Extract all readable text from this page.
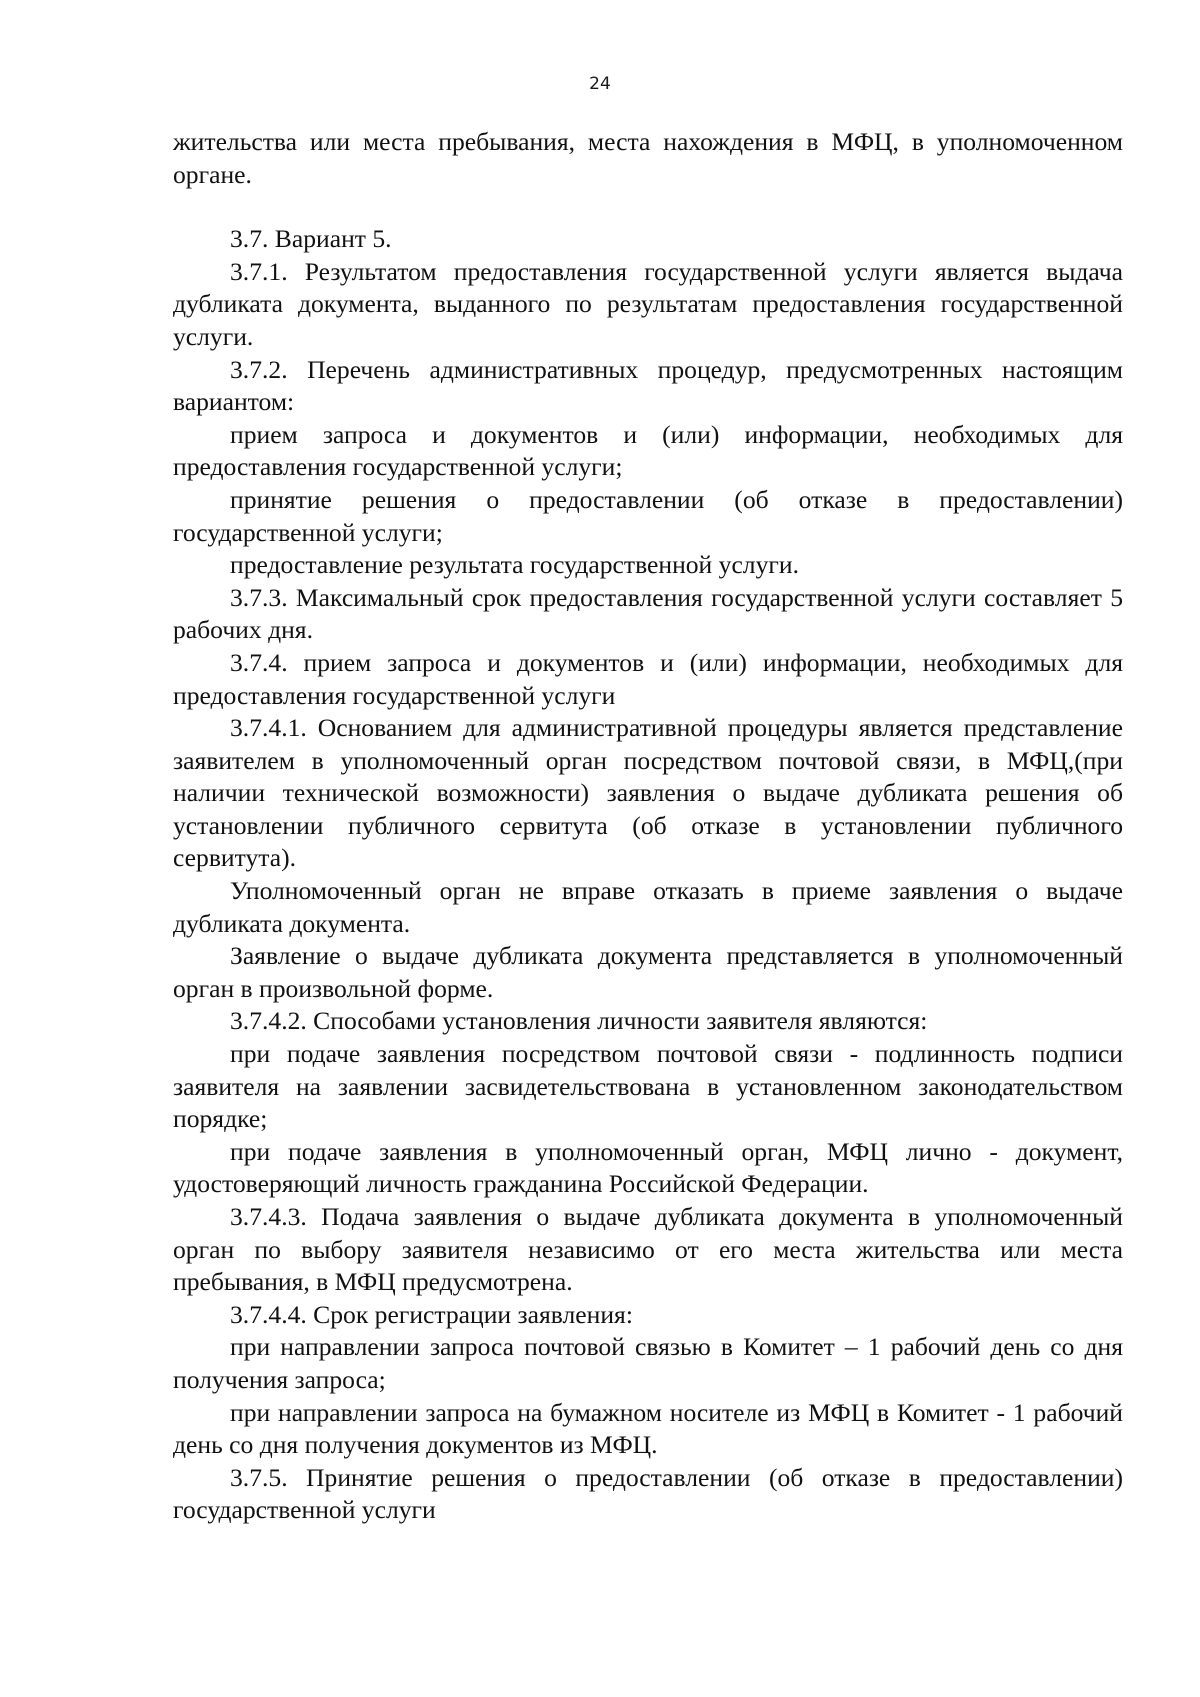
24

жительства или места пребывания, места нахождения в МФЦ, в уполномоченном органе.

3.7. Вариант 5.

3.7.1. Результатом предоставления государственной услуги является выдача дубликата документа, выданного по результатам предоставления государственной услуги.

3.7.2. Перечень административных процедур, предусмотренных настоящим вариантом:

прием запроса и документов и (или) информации, необходимых для предоставления государственной услуги;

принятие решения о предоставлении (об отказе в предоставлении) государственной услуги;

предоставление результата государственной услуги.

3.7.3. Максимальный срок предоставления государственной услуги составляет 5 рабочих дня.

3.7.4. прием запроса и документов и (или) информации, необходимых для предоставления государственной услуги

3.7.4.1. Основанием для административной процедуры является представление заявителем в уполномоченный орган посредством почтовой связи, в МФЦ,(при наличии технической возможности) заявления о выдаче дубликата решения об установлении публичного сервитута (об отказе в установлении публичного сервитута).

Уполномоченный орган не вправе отказать в приеме заявления о выдаче дубликата документа.

Заявление о выдаче дубликата документа представляется в уполномоченный орган в произвольной форме.

3.7.4.2. Способами установления личности заявителя являются:

при подаче заявления посредством почтовой связи - подлинность подписи заявителя на заявлении засвидетельствована в установленном законодательством порядке;

при подаче заявления в уполномоченный орган, МФЦ лично - документ, удостоверяющий личность гражданина Российской Федерации.

3.7.4.3. Подача заявления о выдаче дубликата документа в уполномоченный орган по выбору заявителя независимо от его места жительства или места пребывания, в МФЦ предусмотрена.

3.7.4.4. Срок регистрации заявления:

при направлении запроса почтовой связью в Комитет – 1 рабочий день со дня получения запроса;

при направлении запроса на бумажном носителе из МФЦ в Комитет - 1 рабочий день со дня получения документов из МФЦ.

3.7.5. Принятие решения о предоставлении (об отказе в предоставлении) государственной услуги
